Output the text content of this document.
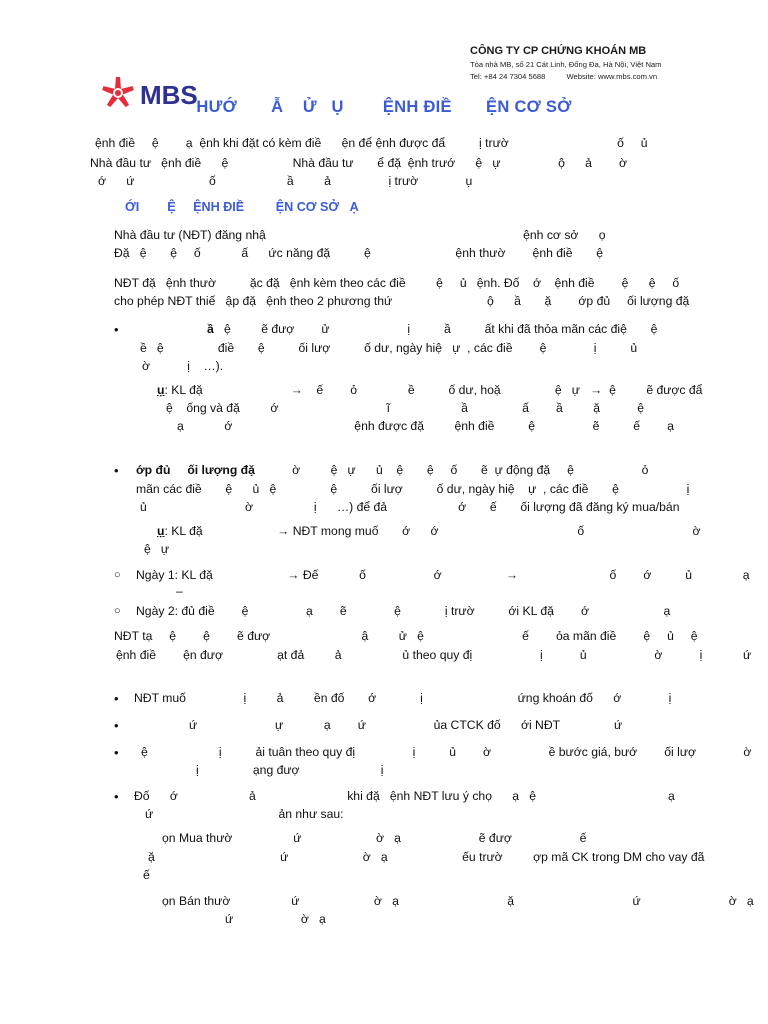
MBS

CÔNG TY CP CHỨNG KHOÁN MB
Tòa nhà MB, số 21 Cát Linh, Đống Đa, Hà Nội, Việt Nam
Tel: +84 24 7304 5688	Website: www.mbs.com.vn
HƯỚ       Ẫ    Ử   Ụ        ỆNH ĐIỀ       ỆN CƠ SỞ
ệnh điề     ệ        ạ  ệnh khi đặt có kèm điề      ện để ệnh được đẩ          ị trườ                                ố     ủ
Nhà đầu tư   ệnh điề      ệ                   Nhà đầu tư       ể đặ  ệnh trướ      ệ   ự                 ộ      ả        ờ
ớ      ứ                      ố                     ầ         ả                 ị trườ              ụ
ỚI        Ệ     ỆNH ĐIỀ         ỆN CƠ SỞ   Ạ
Nhà đầu tư (NĐT) đăng nhậ                                                                            ệnh cơ sở      ọ
Đặ   ệ       ệ     ố            ấ      ức năng đặ          ệ                         ệnh thườ        ệnh điề       ệ
NĐT đặ   ệnh thườ          ặc đặ   ệnh kèm theo các điề         ệ     ủ   ệnh. Đố    ớ    ệnh điề        ệ      ệ     ố
cho phép NĐT thiế   ập đặ   ệnh theo 2 phương thứ                            ộ      ầ       ặ        ớp đủ     ối lượng đặ
•	ầ ệ         ẽ đượ        ử                       ị          ầ          ất khi đã thỏa mãn các điệ       ệ
ề   ệ                điề       ệ          ối lượ          ố dư, ngày hiệ   ự  , các điề        ệ              ị          ủ
ờ           ị    …).
ụ: KL đặ                          →    ế        ỏ               ề          ố dư, hoặ                ệ   ự   →  ệ         ẽ được đẩ
ệ    ống và đặ         ớ                                ĩ                     ầ                ấ        ầ         ặ           ệ
ạ            ớ                                    ệnh được đặ         ệnh điề          ệ                 ẽ          ế        ạ
• ớp đủ     ối lượng đặ	ờ         ệ   ự      ủ    ệ       ệ     ố       ẽ  ự động đặ     ệ                    ỏ
mãn các điề       ệ      ủ   ệ                ệ          ối lượ          ố dư, ngày hiệ    ự  , các điề       ệ                    ị
ủ                             ờ                  ị      …) để đả                     ớ       ế       ối lượng đã đăng ký mua/bán
ụ: KL đặ                      → NĐT mong muố       ớ      ớ                                         ố                                ờ
ệ   ự
○ Ngày 1: KL đặ                      → Đế            ố                    ớ                   →                           ố        ớ          ủ               ạ
–
○ Ngày 2: đủ điề        ệ                 ạ        ẽ              ệ             ị trườ          ới KL đặ        ớ                      ạ
NĐT tạ     ệ        ệ        ẽ đượ                           ậ         ử   ệ                             ế        ỏa mãn điề        ệ     ủ     ệ
ệnh điề        ện đượ                ạt đả         ả                  ủ theo quy đị                    ị           ủ                    ờ           ị            ứ
• NĐT muố                 ị         ả         ền đố       ớ             ị                            ứng khoán đố      ớ              ị
•	ứ                       ự            ạ        ứ                    ủa CTCK đố      ới NĐT                ứ
• ệ                     ị          ải tuân theo quy đị                 ị          ủ        ờ                 ề bước giá, bướ        ối lượ              ờ
ị                ạng đượ                        ị
• Đố      ớ                     ả                           khi đặ   ệnh NĐT lưu ý chọ      ạ   ệ                                       ạ
ứ                                     ản như sau:
ọn Mua thườ                  ứ                      ờ   ạ                       ẽ đượ                    ế
ặ                                     ứ                      ờ   ạ                      ếu trườ         ợp mã CK trong DM cho vay đã
ế
ọn Bán thườ                  ứ                      ờ   ạ                                ặ                                   ứ                          ờ   ạ
ứ                    ờ   ạ
